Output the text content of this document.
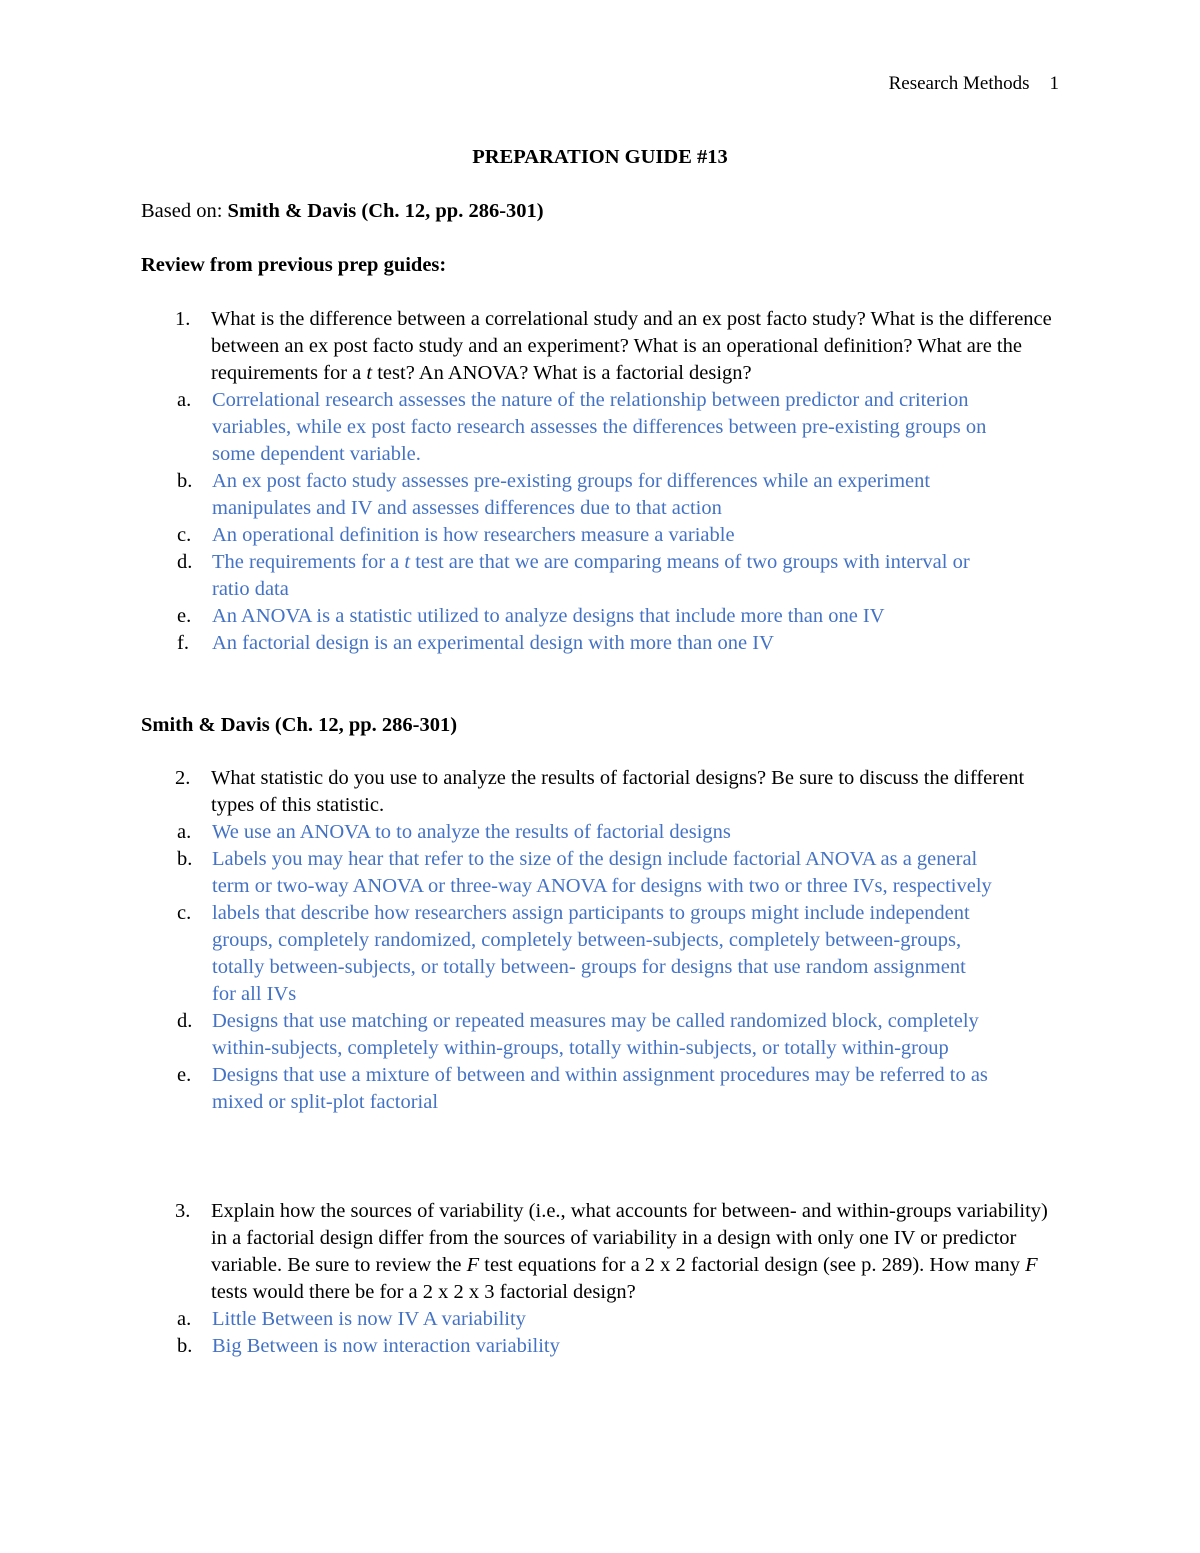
Research Methods 1
PREPARATION GUIDE #13
Based on: Smith & Davis (Ch. 12, pp. 286-301)
Review from previous prep guides:
1.	What is the difference between a correlational study and an ex post facto study? What is the difference between an ex post facto study and an experiment? What is an operational definition? What are the requirements for a t test? An ANOVA? What is a factorial design?
a.	Correlational research assesses the nature of the relationship between predictor and criterion variables, while ex post facto research assesses the differences between pre-existing groups on some dependent variable.
b. An ex post facto study assesses pre-existing groups for differences while an experiment manipulates and IV and assesses differences due to that action
c.	An operational definition is how researchers measure a variable
d. The requirements for a t test are that we are comparing means of two groups with interval or ratio data
e.	An ANOVA is a statistic utilized to analyze designs that include more than one IV
f.	An factorial design is an experimental design with more than one IV
Smith & Davis (Ch. 12, pp. 286-301)
2.	What statistic do you use to analyze the results of factorial designs? Be sure to discuss the different types of this statistic.
a.	We use an ANOVA to to analyze the results of factorial designs
b. Labels you may hear that refer to the size of the design include factorial ANOVA as a general term or two-way ANOVA or three-way ANOVA for designs with two or three IVs, respectively
c.	labels that describe how researchers assign participants to groups might include independent groups, completely randomized, completely between-subjects, completely between-groups, totally between-subjects, or totally between- groups for designs that use random assignment for all IVs
d. Designs that use matching or repeated measures may be called randomized block, completely within-subjects, completely within-groups, totally within-subjects, or totally within-group
e.	Designs that use a mixture of between and within assignment procedures may be referred to as mixed or split-plot factorial
3.	Explain how the sources of variability (i.e., what accounts for between- and within-groups variability) in a factorial design differ from the sources of variability in a design with only one IV or predictor variable. Be sure to review the F test equations for a 2 x 2 factorial design (see p. 289). How many F tests would there be for a 2 x 2 x 3 factorial design?
a.	Little Between is now IV A variability
b. Big Between is now interaction variability
